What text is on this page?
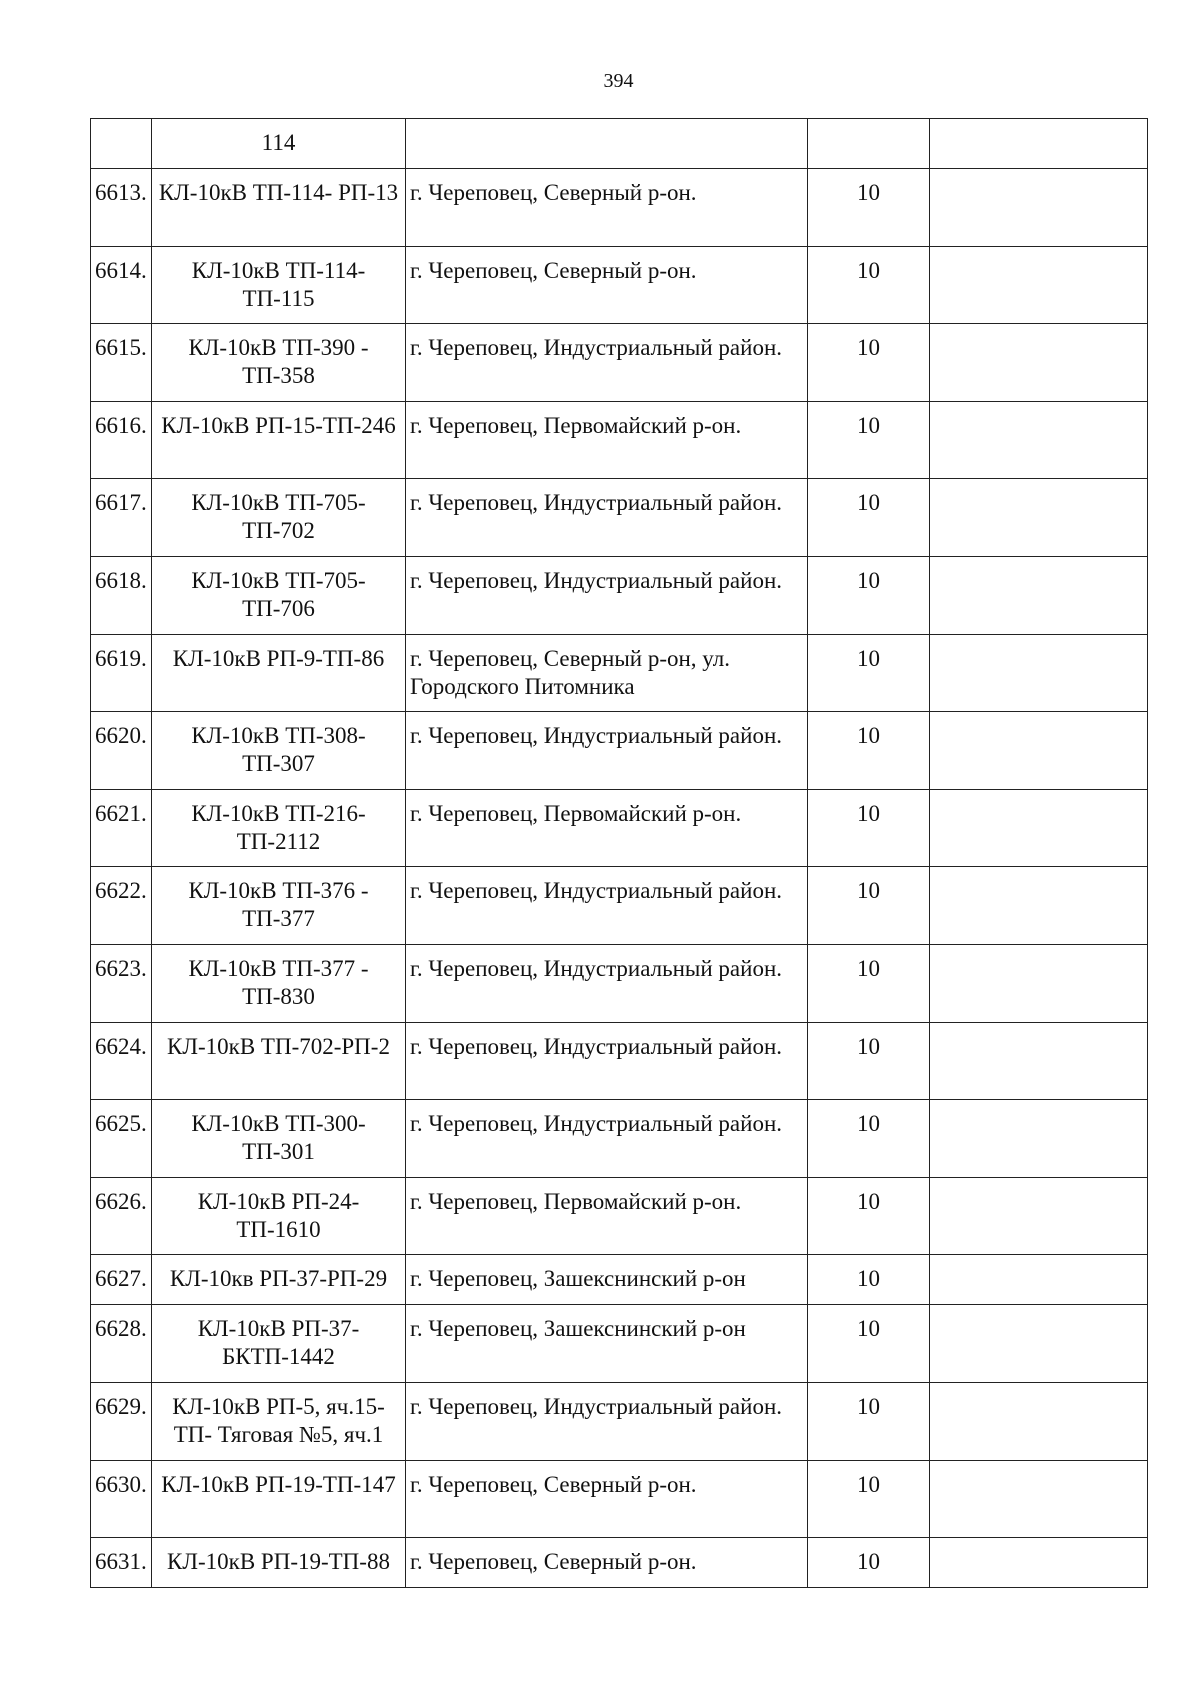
394
	114			
6613.	КЛ-10кВ ТП-114- РП-13	г. Череповец, Северный р-он.	10	
6614.	КЛ-10кВ ТП-114- ТП-115	г. Череповец, Северный р-он.	10	
6615.	КЛ-10кВ ТП-390 - ТП-358	г. Череповец, Индустриальный район.	10	
6616.	КЛ-10кВ РП-15-ТП-246	г. Череповец, Первомайский р-он.	10	
6617.	КЛ-10кВ ТП-705-ТП-702	г. Череповец, Индустриальный район.	10	
6618.	КЛ-10кВ ТП-705-ТП-706	г. Череповец, Индустриальный район.	10	
6619.	КЛ-10кВ РП-9-ТП-86	г. Череповец, Северный р-он, ул. Городского Питомника	10	
6620.	КЛ-10кВ ТП-308-ТП-307	г. Череповец, Индустриальный район.	10	
6621.	КЛ-10кВ ТП-216-ТП-2112	г. Череповец, Первомайский р-он.	10	
6622.	КЛ-10кВ ТП-376 - ТП-377	г. Череповец, Индустриальный район.	10	
6623.	КЛ-10кВ ТП-377 - ТП-830	г. Череповец, Индустриальный район.	10	
6624.	КЛ-10кВ ТП-702-РП-2	г. Череповец, Индустриальный район.	10	
6625.	КЛ-10кВ ТП-300-ТП-301	г. Череповец, Индустриальный район.	10	
6626.	КЛ-10кВ РП-24-ТП-1610	г. Череповец, Первомайский р-он.	10	
6627.	КЛ-10кв РП-37-РП-29	г. Череповец, Зашекснинский р-он	10	
6628.	КЛ-10кВ РП-37-БКТП-1442	г. Череповец, Зашекснинский р-он	10	
6629.	КЛ-10кВ РП-5, яч.15-ТП- Тяговая №5, яч.1	г. Череповец, Индустриальный район.	10	
6630.	КЛ-10кВ РП-19-ТП-147	г. Череповец, Северный р-он.	10	
6631.	КЛ-10кВ РП-19-ТП-88	г. Череповец, Северный р-он.	10	
